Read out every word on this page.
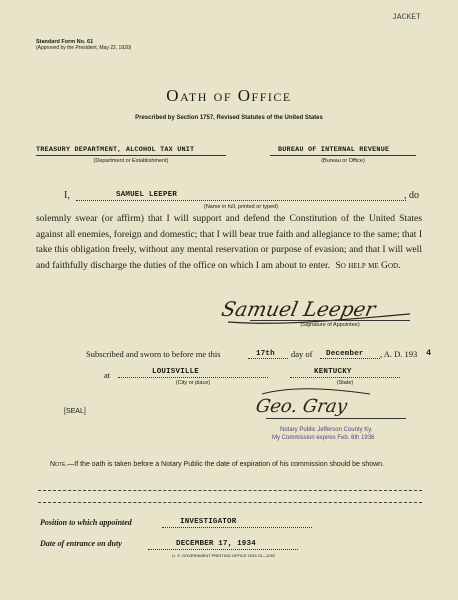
JACKET
Standard Form No. 61
(Approved by the President, May 22, 1920)
Oath of Office
Prescribed by Section 1757, Revised Statutes of the United States
TREASURY DEPARTMENT, ALCOHOL TAX UNIT
(Department or Establishment)
BUREAU OF INTERNAL REVENUE
(Bureau or Office)
I,	SAMUEL LEEPER	, do
(Name in full, printed or typed)
solemnly swear (or affirm) that I will support and defend the Constitution of the United States against all enemies, foreign and domestic; that I will bear true faith and allegiance to the same; that I take this obligation freely, without any mental reservation or purpose of evasion; and that I will well and faithfully discharge the duties of the office on which I am about to enter. So help me God.
Samuel Leeper
(Signature of Appointee)
Subscribed and sworn to before me this	17th day of December , A. D. 193 4
at	LOUISVILLE
(City or place)
KENTUCKY
(State)
[SEAL]	Geo. Gray
Notary Public Jefferson County Ky.
My Commission expires Feb. 6th 1936
Note.—If the oath is taken before a Notary Public the date of expiration of his commission should be shown.
Position to which appointed	INVESTIGATOR
Date of entrance on duty	DECEMBER 17, 1934
U. S. GOVERNMENT PRINTING OFFICE 1933 10—1052
